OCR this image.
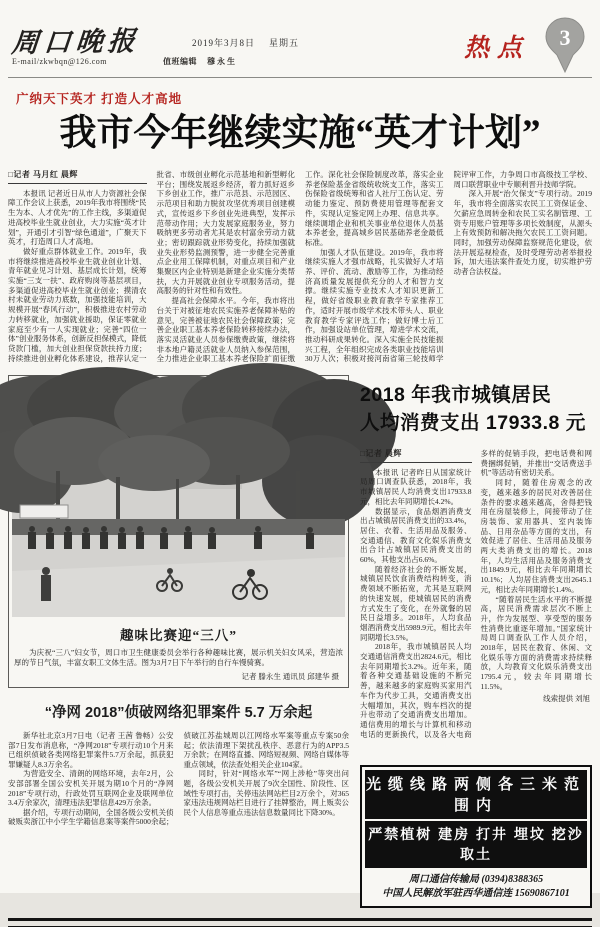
周口晚报	2019年3月8日 星期五
E-mail/zkwbqn@126.com	值班编辑 穆永生	热点 3
广纳天下英才 打造人才高地
我市今年继续实施“英才计划”
□记者 马月红 晨辉

本报讯 记者近日从市人力资源社会保障工作会议上获悉，2019年我市将围绕“民生为本、人才优先”的工作主线，多渠道促进高校毕业生就业创业，大力实施“英才计划”，开通引才引智“绿色通道”，广聚天下英才，打造周口人才高地。

做好重点群体就业工作。2019年，我市将继续推进高校毕业生就业创业计划、青年就业见习计划、基层成长计划，统筹实施“三支一扶”、政府购岗等基层项目，多渠道促进高校毕业生就业创业；摸清农村未就业劳动力底数，加强技能培训，大规模开展“春风行动”，积极推进农村劳动力转移就业，加强就业援助，保证零就业家庭至少有一人实现就业；完善“四位一体”创业服务体系，创新反担保模式，降低贷款门槛，加大创业担保贷款扶持力度；持续推进创业孵化体系建设，推荐认定一批省、市级创业孵化示范基地和新型孵化平台；围绕发展返乡经济，着力抓好返乡下乡创业工作，推广示范县、示范园区、示范项目和助力脱贫攻坚优秀项目创建模式，宣传返乡下乡创业先进典型，发挥示范带动作用；大力发展家庭服务业，努力吸纳更多劳动者尤其是农村富余劳动力就业；密切跟踪就业形势变化，持续加强就业失业形势监测预警，进一步健全完善重点企业用工保障机制，对重点项目和产业集聚区内企业特别是新建企业实施分类帮扶，大力开展就业创业专项服务活动，提高服务的针对性和有效性。

提高社会保障水平。今年，我市将出台关于对被征地农民实施养老保障补贴的意见，完善被征地农民社会保障政策；完善企业职工基本养老保险转移接续办法，落实灵活就业人员参保缴费政策，继续将非本地户籍灵活就业人员纳入参保范围，全力推进企业职工基本养老保险扩面征缴工作。深化社会保险制度改革，落实企业养老保险基金省级统收统支工作，落实工伤保险省级统筹和省人社厅工伤认定、劳动能力鉴定、预防费使用管理等配套文件，实现认定鉴定网上办理、信息共享。继续调增企业和机关事业单位退休人员基本养老金，提高城乡居民基础养老金最低标准。

加强人才队伍建设。2019年，我市将继续实施人才强市战略，扎实做好人才培养、评价、流动、激励等工作，为推动经济高质量发展提供充分的人才和智力支撑。继续实施专业技术人才知识更新工程，做好省级职业教育教学专家推荐工作，适时开展市级学术技术带头人、职业教育教学专家评选工作；做好博士后工作，加强设站单位管理，增进学术交流，推动科研成果转化。深入实施全民技能振兴工程，全年组织完成各类职业技能培训30万人次；积极对接河南省第三轮技师学院评审工作，力争周口市高级技工学校、周口联营职业中专顺利晋升技师学院。

深入开展“治欠保支”专项行动。2019年，我市将全面落实农民工工资保证金、欠薪应急周转金和农民工实名制管理、工资专用账户管理等多项长效制度，从源头上有效预防和解决拖欠农民工工资问题。同时，加强劳动保障监察规范化建设，依法开展巡视检查，及时受理劳动者举报投诉，加大违法案件查处力度，切实维护劳动者合法权益。

趣味比赛迎“三八”

为庆祝“三八”妇女节，周口市卫生健康委员会举行各种趣味比赛，展示机关妇女风采，营造浓厚的节日气氛，丰富女职工文体生活。图为3月7日下午举行的自行车慢骑赛。

记者 滕永生 通讯员 邱建华 摄
“净网 2018”侦破网络犯罪案件 5.7 万余起

新华社北京3月7日电（记者 王茜 鲁畅）公安部7日发布消息称，“净网2018”专项行动10个月来已组织侦破各类网络犯罪案件5.7万余起，抓获犯罪嫌疑人8.3万余名。

为营造安全、清朗的网络环境，去年2月，公安部部署全国公安机关开展为期10个月的“净网2018”专项行动，行政处罚互联网企业及联网单位3.4万余家次，清理违法犯罪信息429万余条。

据介绍，专项行动期间，全国各级公安机关侦破贩卖浙江中小学生学籍信息案等案件5000余起；侦破江苏盐城周以江网络水军案等重点专案50余起；依法清理下架扰乱秩序、恶意行为的APP3.5万余款；在网络直播、网络短视频、网络自媒体等重点领域，依法查处相关企业104家。

同时，针对“网络水军”“网上涉枪”等突出问题，各级公安机关开展了9次全国性、阶段性、区域性专项打击，关停违法网站栏目2万余个，对365家违法违规网站栏目进行了挂牌整治，网上贩卖公民个人信息等重点违法信息数量同比下降30%。

2018 年我市城镇居民
人均消费支出 17933.8 元
□记者 晨辉

本报讯 记者昨日从国家统计局周口调查队获悉，2018年，我市城镇居民人均消费支出17933.8元，相比去年同期增长4.2%。

数据显示，食品烟酒消费支出占城镇居民消费支出的33.4%，居住、衣着、生活用品及服务、交通通信、教育文化娱乐消费支出合计占城镇居民消费支出的60%，其他支出占6.6%。

随着经济社会的不断发展，城镇居民饮食消费结构转变，消费领域不断拓宽，尤其是互联网的快速发展，使城镇居民的消费方式发生了变化，在外就餐的居民日益增多。2018年，人均食品烟酒消费支出5989.9元，相比去年同期增长3.5%。

2018年，我市城镇居民人均交通通信消费支出2824.6元，相比去年同期增长3.2%。近年来，随着各种交通基础设施的不断完善，越来越多的家庭购买家用汽车作为代步工具，交通消费支出大幅增加，其次，购车档次的提升也带动了交通消费支出增加。通信费用的增长与计算机和移动电话的更新换代，以及各大电商多样的促销手段，把电话费和网费捆绑促销，并推出“交话费送手机”等活动有密切关系。

同时，随着住房观念的改变，越来越多的居民对改善居住条件的要求越来越高，舍得把钱用在房屋装修上，间接带动了住房装饰、家用器具、室内装饰品、日用杂品等方面的支出，有效促进了居住、生活用品及服务两大类消费支出的增长。2018年，人均生活用品及服务消费支出1849.9元，相比去年同期增长10.1%；人均居住消费支出2645.1元，相比去年同期增长1.4%。

“随着居民生活水平的不断提高，居民消费需求层次不断上升，作为发展型、享受型的服务性消费比重逐年增加。”国家统计局周口调查队工作人员介绍，2018年，居民在教育、休闲、文化娱乐等方面的消费需求持续释放，人均教育文化娱乐消费支出1795.4元，较去年同期增长11.5%。

线索提供 刘旭
光缆线路两侧各三米范围内
严禁植树 建房 打井 埋坟 挖沙 取土
周口通信传输局 (0394)8388365
中国人民解放军驻西华通信连 15690867101
